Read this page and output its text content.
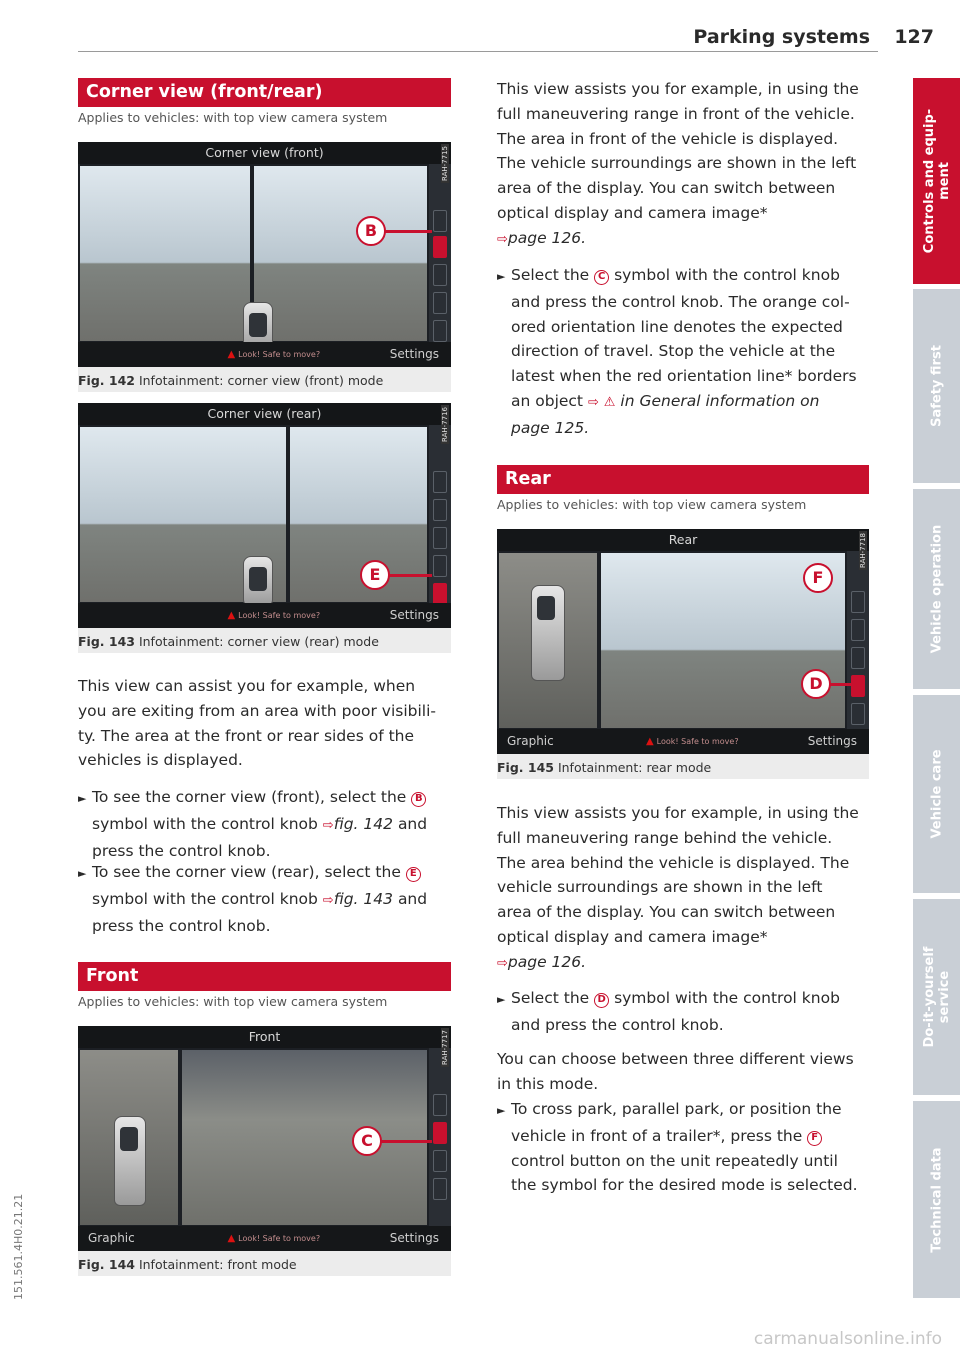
Parking systems 127
Corner view (front/rear)
Applies to vehicles: with top view camera system
Corner view (front)	RAH-7715
B
▲ Look! Safe to move?	Settings
Fig. 142 Infotainment: corner view (front) mode
Corner view (rear)	RAH-7716
E
▲ Look! Safe to move?	Settings
Fig. 143 Infotainment: corner view (rear) mode
This view can assist you for example, when
you are exiting from an area with poor visibili-
ty. The area at the front or rear sides of the
vehicles is displayed.
► To see the corner view (front), select the B
symbol with the control knob ⇨fig. 142 and
press the control knob.
► To see the corner view (rear), select the E
symbol with the control knob ⇨fig. 143 and
press the control knob.
Front
Applies to vehicles: with top view camera system
Front	RAH-7717
C
Graphic	▲ Look! Safe to move?	Settings
Fig. 144 Infotainment: front mode
This view assists you for example, in using the
full maneuvering range in front of the vehicle.
The area in front of the vehicle is displayed.
The vehicle surroundings are shown in the left
area of the display. You can switch between
optical display and camera image*
⇨page 126.
► Select the C symbol with the control knob
and press the control knob. The orange col-
ored orientation line denotes the expected
direction of travel. Stop the vehicle at the
latest when the red orientation line* borders
an object ⇨ ⚠ in General information on
page 125.
Rear
Applies to vehicles: with top view camera system
Rear	RAH-7718
F
D
Graphic	▲ Look! Safe to move?	Settings
Fig. 145 Infotainment: rear mode
This view assists you for example, in using the
full maneuvering range behind the vehicle.
The area behind the vehicle is displayed. The
vehicle surroundings are shown in the left
area of the display. You can switch between
optical display and camera image*
⇨page 126.
► Select the D symbol with the control knob
and press the control knob.
You can choose between three different views
in this mode.
► To cross park, parallel park, or position the
vehicle in front of a trailer*, press the F
control button on the unit repeatedly until
the symbol for the desired mode is selected.
Controls and equip-
ment
Safety first
Vehicle operation
Vehicle care
Do-it-yourself
service
Technical data
151.561.4H0.21.21
carmanualsonline.info
